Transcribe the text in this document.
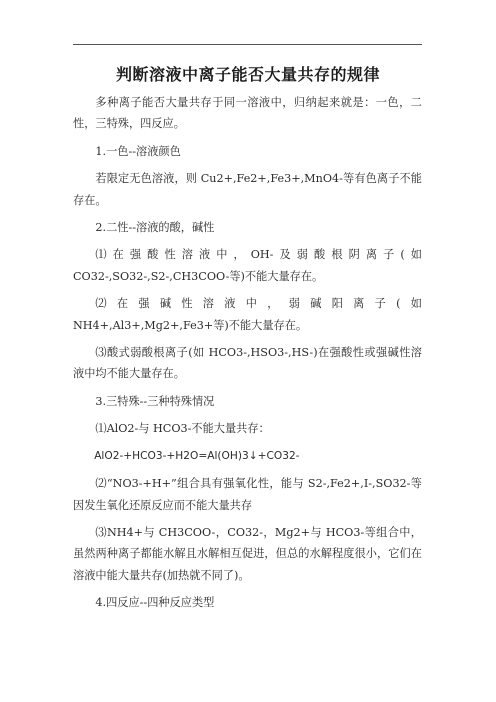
判断溶液中离子能否大量共存的规律

多种离子能否大量共存于同一溶液中，归纳起来就是：一色，二性，三特殊，四反应。

1.一色--溶液颜色

若限定无色溶液，则 Cu2+,Fe2+,Fe3+,MnO4-等有色离子不能存在。

2.二性--溶液的酸，碱性

⑴在强酸性溶液中，OH-及弱酸根阴离子(如 CO32-,SO32-,S2-,CH3COO-等)不能大量存在。

⑵在强碱性溶液中，弱碱阳离子(如 NH4+,Al3+,Mg2+,Fe3+等)不能大量存在。

⑶酸式弱酸根离子(如 HCO3-,HSO3-,HS-)在强酸性或强碱性溶液中均不能大量存在。

3.三特殊--三种特殊情况

⑴AlO2-与 HCO3-不能大量共存：

AlO2-+HCO3-+H2O=Al(OH)3↓+CO32-

⑵“NO3-+H+”组合具有强氧化性，能与 S2-,Fe2+,I-,SO32-等因发生氧化还原反应而不能大量共存

⑶NH4+与 CH3COO-，CO32-，Mg2+与 HCO3-等组合中，虽然两种离子都能水解且水解相互促进，但总的水解程度很小，它们在溶液中能大量共存(加热就不同了)。

4.四反应--四种反应类型
